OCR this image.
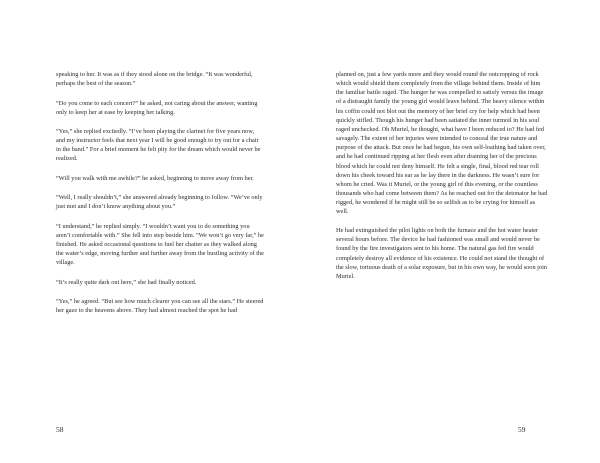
speaking to her. It was as if they stood alone on the bridge. “It was wonderful, perhaps the best of the season.”

“Do you come to each concert?” he asked, not caring about the answer, wanting only to keep her at ease by keeping her talking.

“Yes,” she replied excitedly. “I’ve been playing the clarinet for five years now, and my instructor feels that next year I will be good enough to try out for a chair in the band.” For a brief moment he felt pity for the dream which would never be realized.

“Will you walk with me awhile?” he asked, beginning to move away from her.

“Well, I really shouldn’t,” she answered already beginning to follow. “We’ve only just met and I don’t know anything about you.”

“I understand,” he replied simply. “I wouldn’t want you to do something you aren’t comfortable with.” She fell into step beside him. “We won’t go very far,” he finished. He asked occasional questions to fuel her chatter as they walked along the water’s edge, moving further and further away from the bustling activity of the village.

“It’s really quite dark out here,” she had finally noticed.

“Yes,” he agreed. “But see how much clearer you can see all the stars.” He steered her gaze to the heavens above. They had almost reached the spot he had

58

planned on, just a few yards more and they would round the outcropping of rock which would shield them completely from the village behind them. Inside of him the familiar battle raged. The hunger he was compelled to satisfy versus the image of a distraught family the young girl would leave behind. The heavy silence within his coffin could not blot out the memory of her brief cry for help which had been quickly stifled. Though his hunger had been satiated the inner turmoil in his soul raged unchecked. Oh Muriel, he thought, what have I been reduced to? He had fed savagely. The extent of her injuries were intended to conceal the true nature and purpose of the attack. But once he had begun, his own self-loathing had taken over, and he had continued ripping at her flesh even after draining her of the precious blood which he could not deny himself. He felt a single, final, blood red tear roll down his cheek toward his ear as he lay there in the darkness. He wasn’t sure for whom he cried. Was it Muriel, or the young girl of this evening, or the countless thousands who had come between them? As he reached out for the detonator he had rigged, he wondered if he might still be so selfish as to be crying for himself as well.

He had extinguished the pilot lights on both the furnace and the hot water heater several hours before. The device he had fashioned was small and would never be found by the fire investigators sent to his home. The natural gas fed fire would completely destroy all evidence of his existence. He could not stand the thought of the slow, tortuous death of a solar exposure, but in his own way, he would soon join Muriel.

59
